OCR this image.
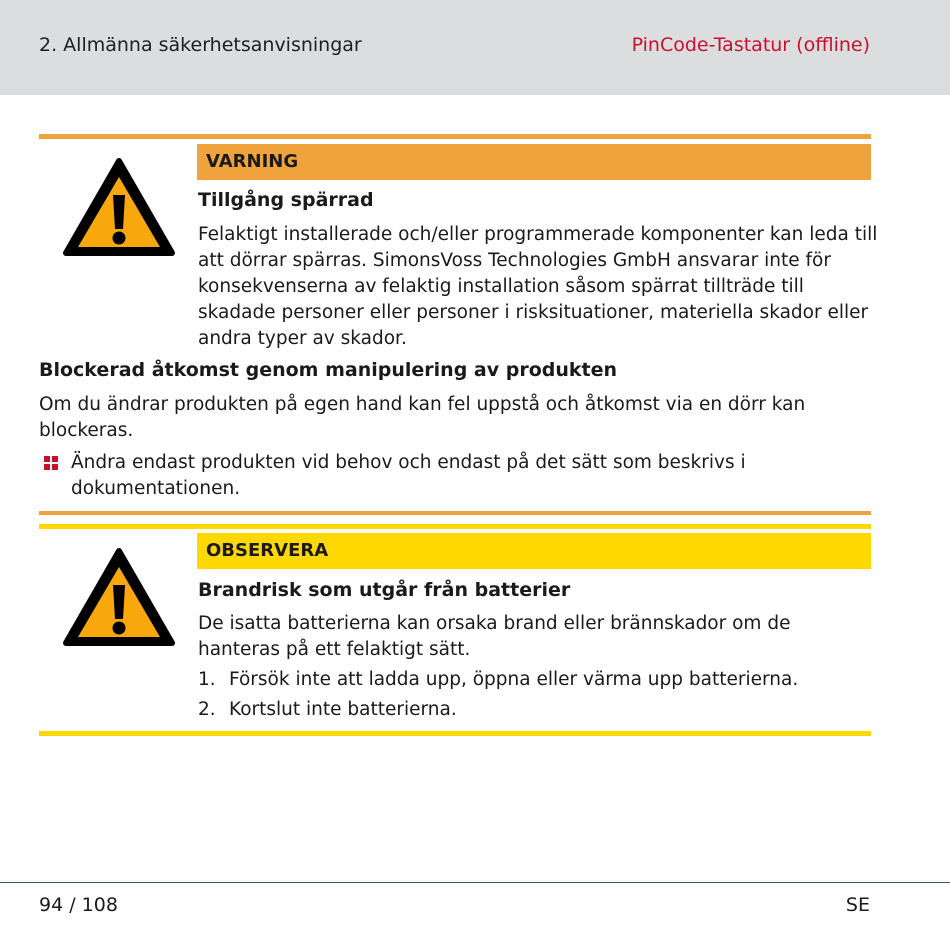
2. Allmänna säkerhetsanvisningar	PinCode-Tastatur (offline)
VARNING
Tillgång spärrad
Felaktigt installerade och/eller programmerade komponenter kan leda till att dörrar spärras. SimonsVoss Technologies GmbH ansvarar inte för konsekvenserna av felaktig installation såsom spärrat tillträde till skadade personer eller personer i risksituationer, materiella skador eller andra typer av skador.
Blockerad åtkomst genom manipulering av produkten
Om du ändrar produkten på egen hand kan fel uppstå och åtkomst via en dörr kan blockeras.
Ändra endast produkten vid behov och endast på det sätt som beskrivs i dokumentationen.
OBSERVERA
Brandrisk som utgår från batterier
De isatta batterierna kan orsaka brand eller brännskador om de hanteras på ett felaktigt sätt.
1. Försök inte att ladda upp, öppna eller värma upp batterierna.
2. Kortslut inte batterierna.
94 / 108	SE
